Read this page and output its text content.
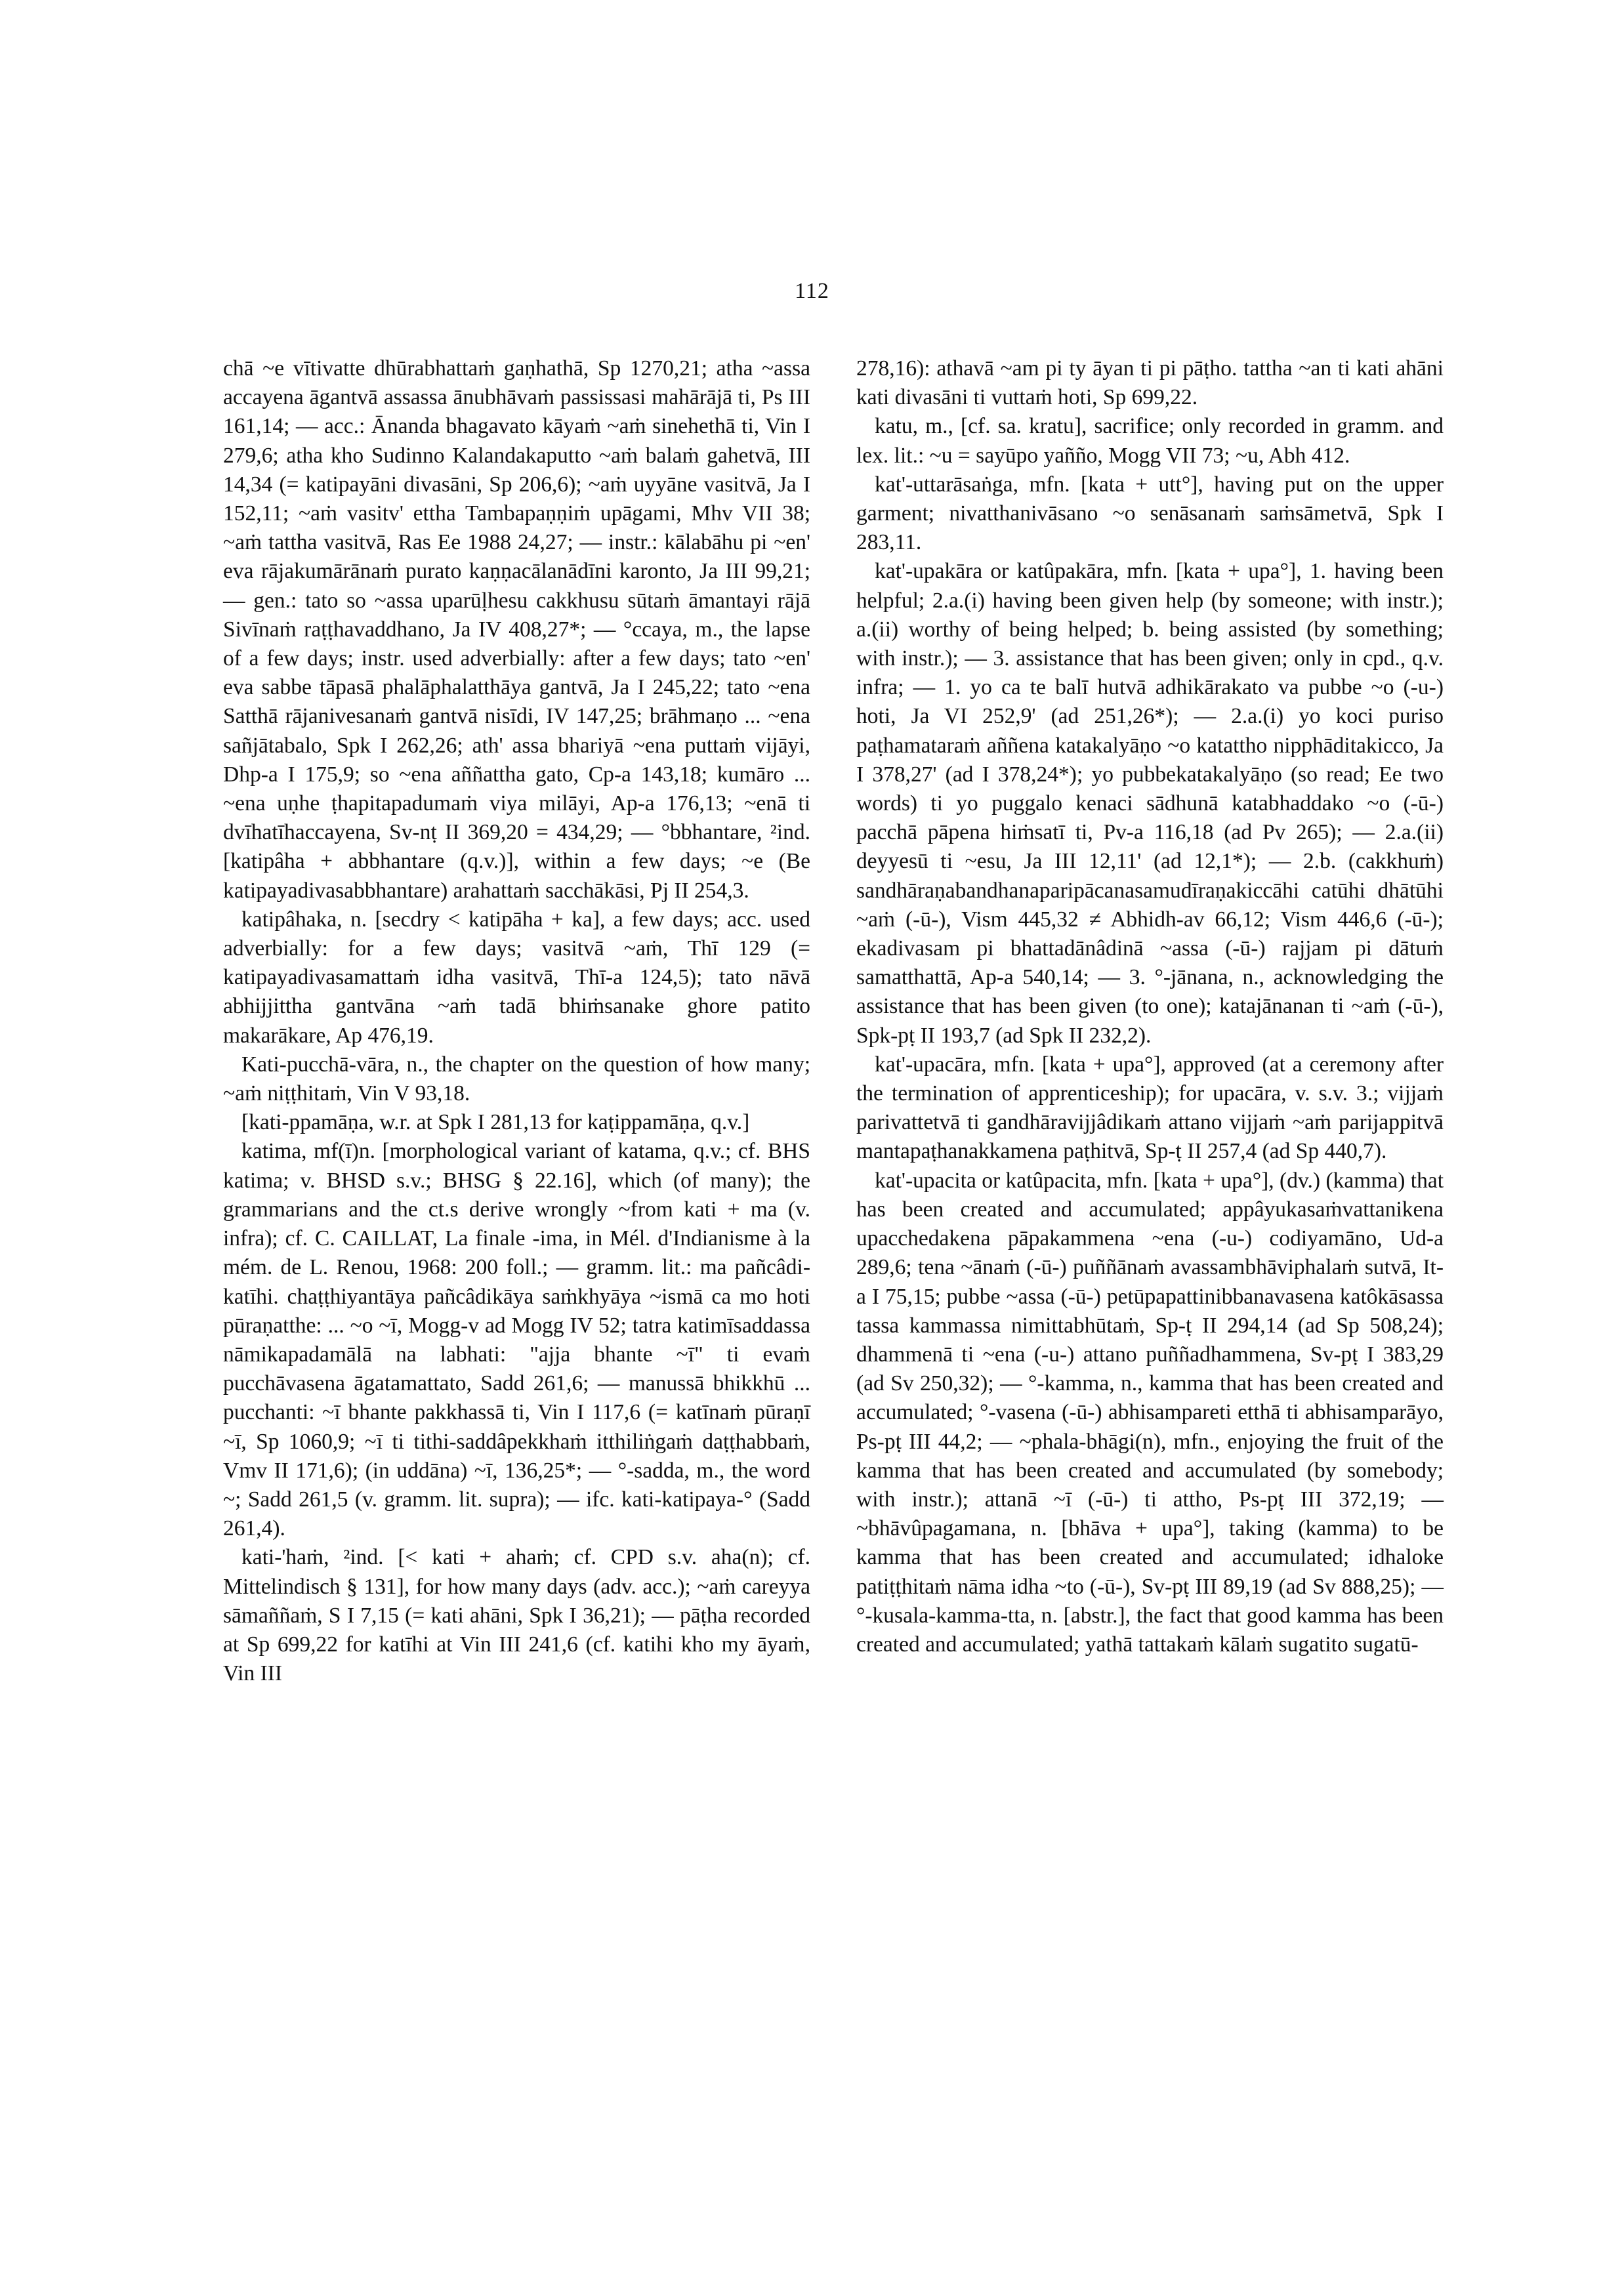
112

chā ~e vītivatte dhūrabhattaṁ gaṇhathā, Sp 1270,21; atha ~assa accayena āgantvā assassa ānubhāvaṁ passissasi mahārājā ti, Ps III 161,14; — acc.: Ānanda bhagavato kāyaṁ ~aṁ sinehethā ti, Vin I 279,6; atha kho Sudinno Kalandakaputto ~aṁ balaṁ gahetvā, III 14,34 (= katipayāni divasāni, Sp 206,6); ~aṁ uyyāne vasitvā, Ja I 152,11; ~aṁ vasitv' ettha Tambapaṇṇiṁ upāgami, Mhv VII 38; ~aṁ tattha vasitvā, Ras Ee 1988 24,27; — instr.: kālabāhu pi ~en' eva rājakumārānaṁ purato kaṇṇacālanādīni karonto, Ja III 99,21; — gen.: tato so ~assa uparūḷhesu cakkhusu sūtaṁ āmantayi rājā Sivīnaṁ raṭṭhavaddhano, Ja IV 408,27*; — °ccaya, m., the lapse of a few days; instr. used adverbially: after a few days; tato ~en' eva sabbe tāpasā phalāphalatthāya gantvā, Ja I 245,22; tato ~ena Satthā rājanivesanaṁ gantvā nisīdi, IV 147,25; brāhmaṇo ... ~ena sañjātabalo, Spk I 262,26; ath' assa bhariyā ~ena puttaṁ vijāyi, Dhp-a I 175,9; so ~ena aññattha gato, Cp-a 143,18; kumāro ... ~ena uṇhe ṭhapitapadumaṁ viya milāyi, Ap-a 176,13; ~enā ti dvīhatīhaccayena, Sv-nṭ II 369,20 = 434,29; — °bbhantare, ²ind. [katipâha + abbhantare (q.v.)], within a few days; ~e (Be katipayadivasabbhantare) arahattaṁ sacchākāsi, Pj II 254,3.

katipâhaka, n. [secdry < katipāha + ka], a few days; acc. used adverbially: for a few days; vasitvā ~aṁ, Thī 129 (= katipayadivasamattaṁ idha vasitvā, Thī-a 124,5); tato nāvā abhijjittha gantvāna ~aṁ tadā bhiṁsanake ghore patito makarākare, Ap 476,19.

Kati-pucchā-vāra, n., the chapter on the question of how many; ~aṁ niṭṭhitaṁ, Vin V 93,18.

[kati-ppamāṇa, w.r. at Spk I 281,13 for kaṭippamāṇa, q.v.]

katima, mf(ī)n. [morphological variant of katama, q.v.; cf. BHS katima; v. BHSD s.v.; BHSG § 22.16], which (of many); the grammarians and the ct.s derive wrongly ~from kati + ma (v. infra); cf. C. CAILLAT, La finale -ima, in Mél. d'Indianisme à la mém. de L. Renou, 1968: 200 foll.; — gramm. lit.: ma pañcâdi-katīhi. chaṭṭhiyantāya pañcâdikāya saṁkhyāya ~ismā ca mo hoti pūraṇatthe: ... ~o ~ī, Mogg-v ad Mogg IV 52; tatra katimīsaddassa nāmikapadamālā na labhati: "ajja bhante ~ī" ti evaṁ pucchāvasena āgatamattato, Sadd 261,6; — manussā bhikkhū ... pucchanti: ~ī bhante pakkhassā ti, Vin I 117,6 (= katīnaṁ pūraṇī ~ī, Sp 1060,9; ~ī ti tithi-saddâpekkhaṁ itthiliṅgaṁ daṭṭhabbaṁ, Vmv II 171,6); (in uddāna) ~ī, 136,25*; — °-sadda, m., the word ~; Sadd 261,5 (v. gramm. lit. supra); — ifc. kati-katipaya-° (Sadd 261,4).

kati-'haṁ, ²ind. [< kati + ahaṁ; cf. CPD s.v. aha(n); cf. Mittelindisch § 131], for how many days (adv. acc.); ~aṁ careyya sāmaññaṁ, S I 7,15 (= kati ahāni, Spk I 36,21); — pāṭha recorded at Sp 699,22 for katīhi at Vin III 241,6 (cf. katihi kho my āyaṁ, Vin III

278,16): athavā ~am pi ty āyan ti pi pāṭho. tattha ~an ti kati ahāni kati divasāni ti vuttaṁ hoti, Sp 699,22.

katu, m., [cf. sa. kratu], sacrifice; only recorded in gramm. and lex. lit.: ~u = sayūpo yañño, Mogg VII 73; ~u, Abh 412.

kat'-uttarāsaṅga, mfn. [kata + utt°], having put on the upper garment; nivatthanivāsano ~o senāsanaṁ saṁsāmetvā, Spk I 283,11.

kat'-upakāra or katûpakāra, mfn. [kata + upa°], 1. having been helpful; 2.a.(i) having been given help (by someone; with instr.); a.(ii) worthy of being helped; b. being assisted (by something; with instr.); — 3. assistance that has been given; only in cpd., q.v. infra; — 1. yo ca te balī hutvā adhikārakato va pubbe ~o (-u-) hoti, Ja VI 252,9' (ad 251,26*); — 2.a.(i) yo koci puriso paṭhamataraṁ aññena katakalyāṇo ~o katattho nipphāditakicco, Ja I 378,27' (ad I 378,24*); yo pubbekatakalyāṇo (so read; Ee two words) ti yo puggalo kenaci sādhunā katabhaddako ~o (-ū-) pacchā pāpena hiṁsatī ti, Pv-a 116,18 (ad Pv 265); — 2.a.(ii) deyyesū ti ~esu, Ja III 12,11' (ad 12,1*); — 2.b. (cakkhuṁ) sandhāraṇabandhanaparipācanasamudīraṇakiccāhi catūhi dhātūhi ~aṁ (-ū-), Vism 445,32 ≠ Abhidh-av 66,12; Vism 446,6 (-ū-); ekadivasam pi bhattadānâdinā ~assa (-ū-) rajjam pi dātuṁ samatthattā, Ap-a 540,14; — 3. °-jānana, n., acknowledging the assistance that has been given (to one); katajānanan ti ~aṁ (-ū-), Spk-pṭ II 193,7 (ad Spk II 232,2).

kat'-upacāra, mfn. [kata + upa°], approved (at a ceremony after the termination of apprenticeship); for upacāra, v. s.v. 3.; vijjaṁ parivattetvā ti gandhāravijjâdikaṁ attano vijjaṁ ~aṁ parijappitvā mantapaṭhanakkamena paṭhitvā, Sp-ṭ II 257,4 (ad Sp 440,7).

kat'-upacita or katûpacita, mfn. [kata + upa°], (dv.) (kamma) that has been created and accumulated; appâyukasaṁvattanikena upacchedakena pāpakammena ~ena (-u-) codiyamāno, Ud-a 289,6; tena ~ānaṁ (-ū-) puññānaṁ avassambhāviphalaṁ sutvā, It-a I 75,15; pubbe ~assa (-ū-) petūpapattinibbanavasena katôkāsassa tassa kammassa nimittabhūtaṁ, Sp-ṭ II 294,14 (ad Sp 508,24); dhammenā ti ~ena (-u-) attano puññadhammena, Sv-pṭ I 383,29 (ad Sv 250,32); — °-kamma, n., kamma that has been created and accumulated; °-vasena (-ū-) abhisampareti etthā ti abhisamparāyo, Ps-pṭ III 44,2; — ~phala-bhāgi(n), mfn., enjoying the fruit of the kamma that has been created and accumulated (by somebody; with instr.); attanā ~ī (-ū-) ti attho, Ps-pṭ III 372,19; — ~bhāvûpagamana, n. [bhāva + upa°], taking (kamma) to be kamma that has been created and accumulated; idhaloke patiṭṭhitaṁ nāma idha ~to (-ū-), Sv-pṭ III 89,19 (ad Sv 888,25); — °-kusala-kamma-tta, n. [abstr.], the fact that good kamma has been created and accumulated; yathā tattakaṁ kālaṁ sugatito sugatū-
